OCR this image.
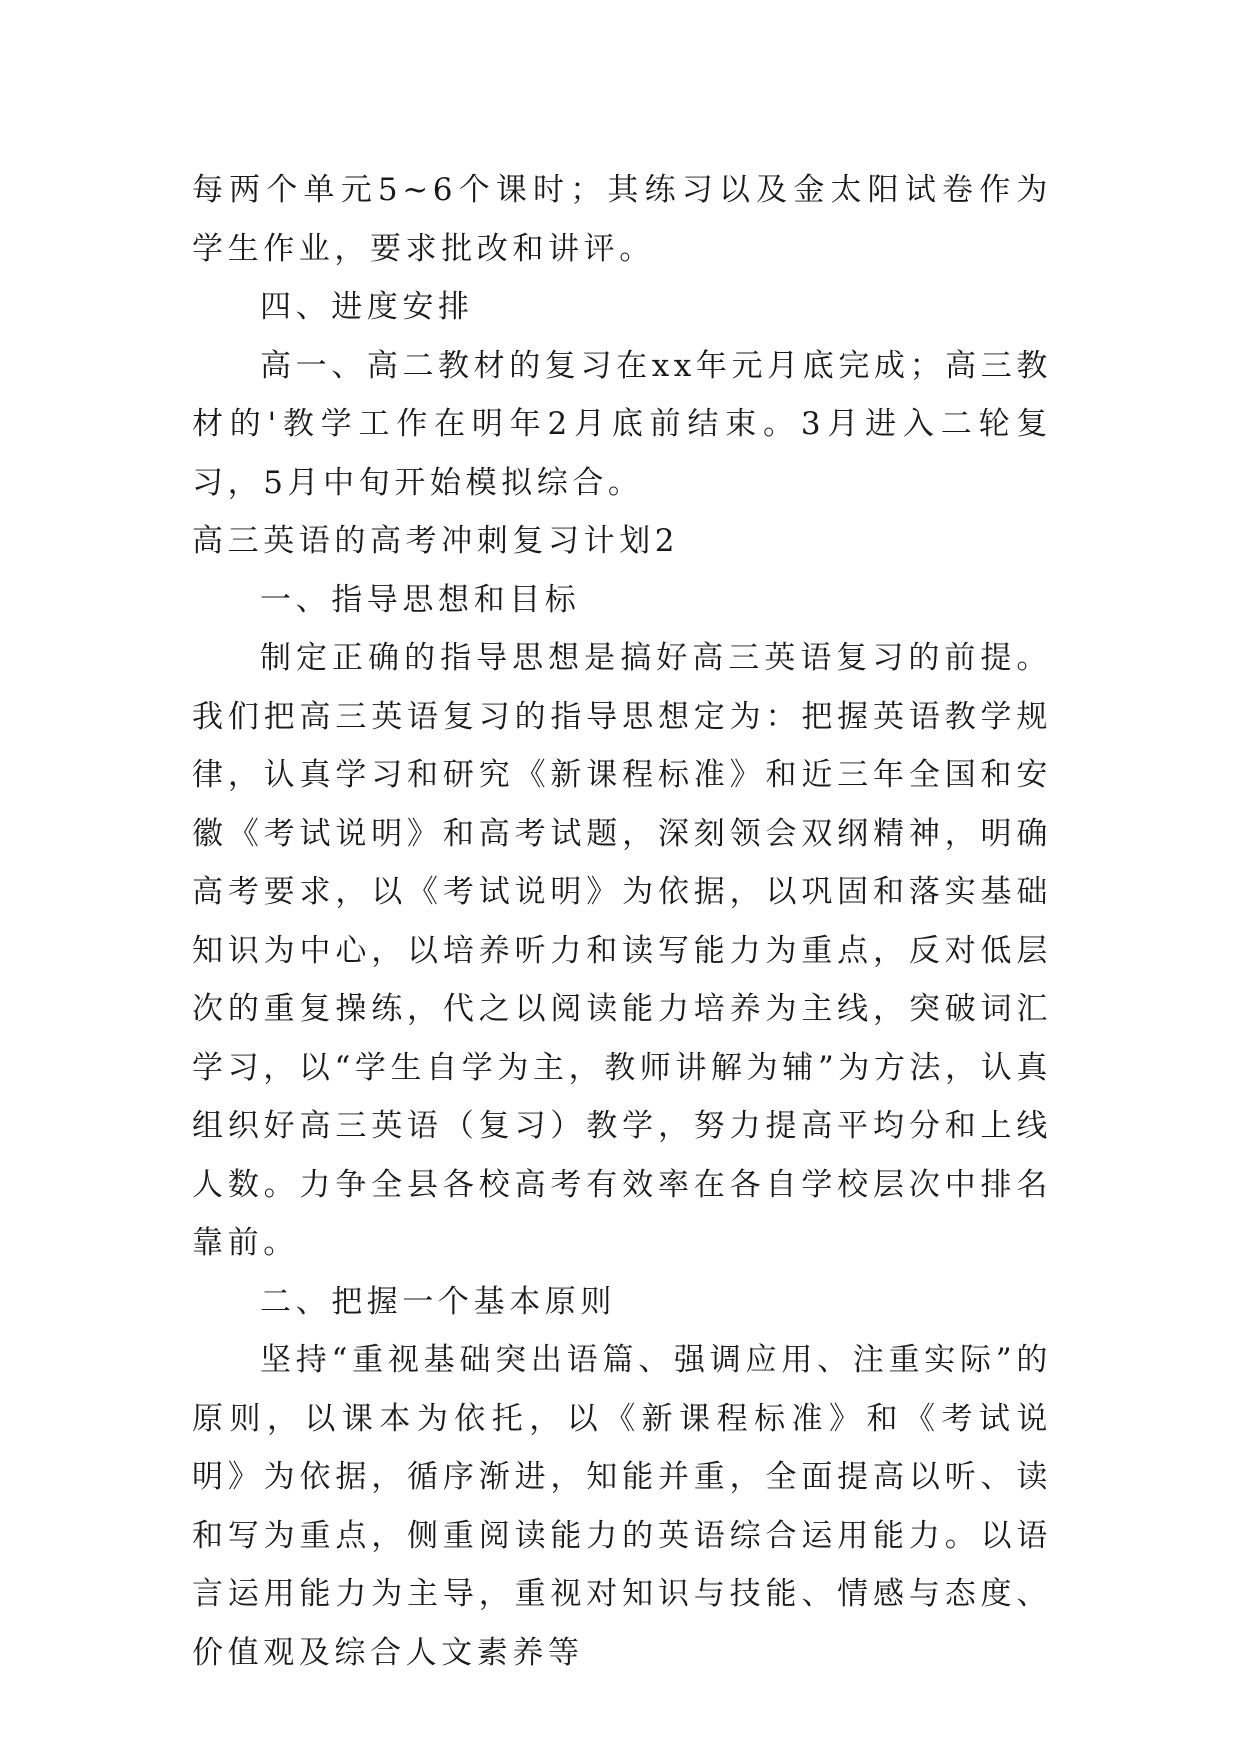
每两个单元5~6个课时；其练习以及金太阳试卷作为学生作业，要求批改和讲评。

四、进度安排

高一、高二教材的复习在xx年元月底完成；高三教材的'教学工作在明年2月底前结束。3月进入二轮复习，5月中旬开始模拟综合。

高三英语的高考冲刺复习计划2

一、指导思想和目标

制定正确的指导思想是搞好高三英语复习的前提。我们把高三英语复习的指导思想定为：把握英语教学规律，认真学习和研究《新课程标准》和近三年全国和安徽《考试说明》和高考试题，深刻领会双纲精神，明确高考要求，以《考试说明》为依据，以巩固和落实基础知识为中心，以培养听力和读写能力为重点，反对低层次的重复操练，代之以阅读能力培养为主线，突破词汇学习，以“学生自学为主，教师讲解为辅”为方法，认真组织好高三英语（复习）教学，努力提高平均分和上线人数。力争全县各校高考有效率在各自学校层次中排名靠前。

二、把握一个基本原则

坚持“重视基础突出语篇、强调应用、注重实际”的原则，以课本为依托，以《新课程标准》和《考试说明》为依据，循序渐进，知能并重，全面提高以听、读和写为重点，侧重阅读能力的英语综合运用能力。以语言运用能力为主导，重视对知识与技能、情感与态度、价值观及综合人文素养等
